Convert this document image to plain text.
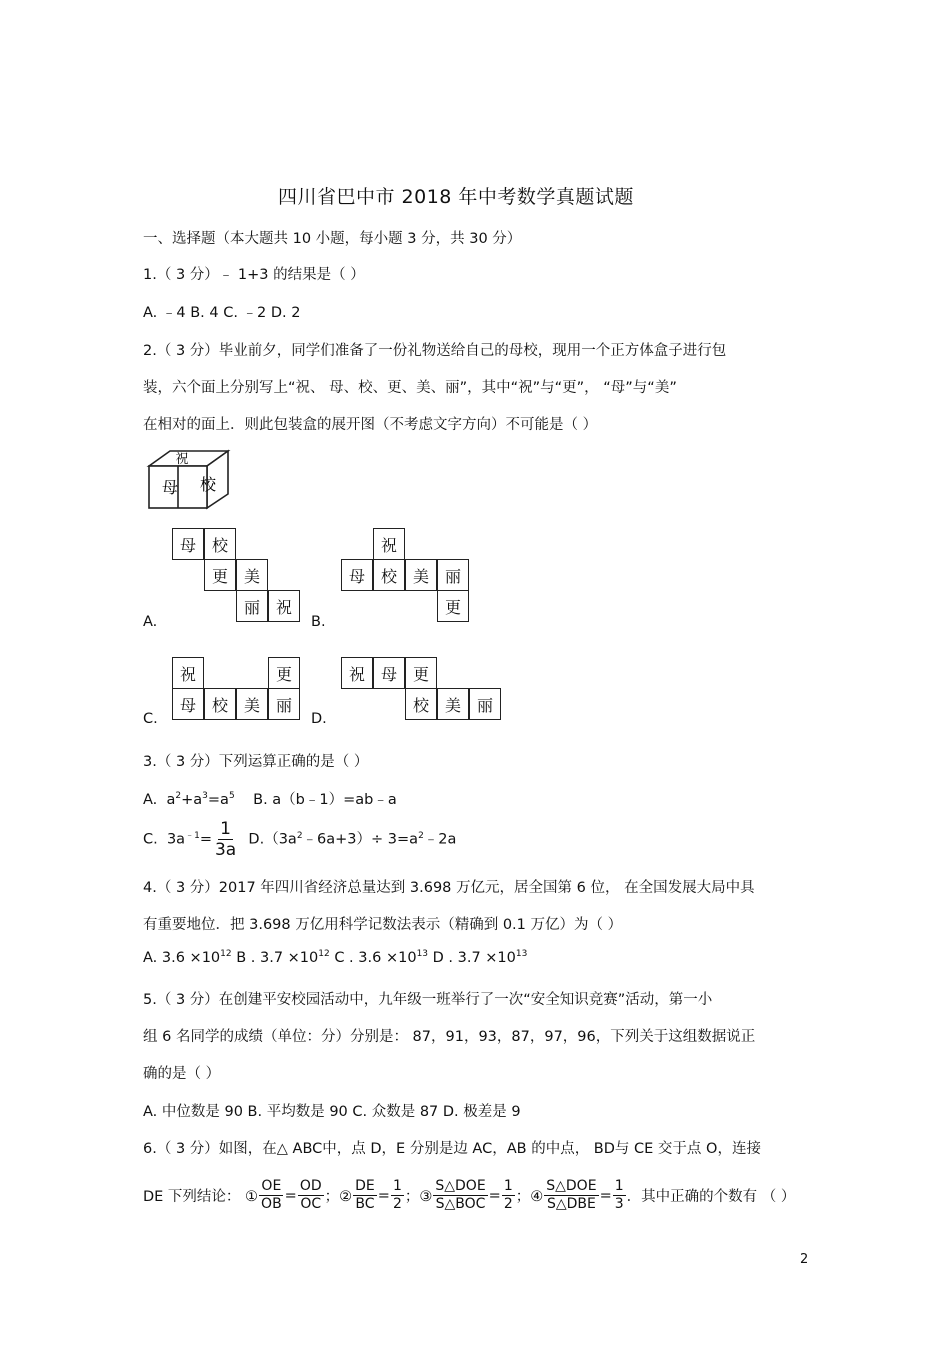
四川省巴中市 2018 年中考数学真题试题
一、选择题（本大题共 10 小题，每小题 3 分，共 30 分）
1.（ 3 分）﹣ 1+3 的结果是（ ）
A. ﹣4 B. 4 C. ﹣2 D. 2
2.（ 3 分）毕业前夕，同学们准备了一份礼物送给自己的母校，现用一个正方体盒子进行包
装，六个面上分别写上“祝、 母、校、更、美、丽”，其中“祝”与“更”， “母”与“美”
在相对的面上．则此包装盒的展开图（不考虑文字方向）不可能是（ ）
祝
母 校
A.
母 校
更 美
丽 祝
B.
祝
母 校 美 丽
更
C.
祝	更
母 校 美 丽
D.
祝 母 更
校 美 丽
3.（ 3 分）下列运算正确的是（ ）
A. $a^2+a^3=a^5$ B. a（b﹣1）=ab﹣a
C. $3a^{﹣1}= \frac{1}{3a}$ $D.(3a^2﹣6a+3)\div$ $3=a^2﹣2a$
4.（ 3 分）2017 年四川省经济总量达到 3.698 万亿元，居全国第 6 位， 在全国发展大局中具
有重要地位．把 3.698 万亿用科学记数法表示（精确到 0.1 万亿）为（ ）
A. $3.6 \times 10^{12}$ B . $3.7 \times 10^{12}$ C . $3.6 \times 10^{13}$ D . $3.7 \times 10^{13}$
5.（ 3 分）在创建平安校园活动中，九年级一班举行了一次“安全知识竞赛”活动，第一小
组 6 名同学的成绩（单位：分）分别是： 87，91，93，87，97，96，下列关于这组数据说正
确的是（ ）
A. 中位数是 90 B. 平均数是 90 C. 众数是 87 D. 极差是 9
6.（ 3 分）如图，在△ ABC中，点 D，E 分别是边 AC，AB 的中点， BD与 CE 交于点 O，连接
DE 下列结论： ① $\frac{OE}{OB} = \frac{OD}{OC}$ ；② $\frac{DE}{BC} = \frac{1}{2}$ ；③ $\frac{\text{S△DOE}}{\text{S△BOC}} = \frac{1}{2}$ ；④ $\frac{\text{S△DOE}}{\text{S△DBE}} = \frac{1}{3}$ ．其中正确的个数有 （ ）
2
